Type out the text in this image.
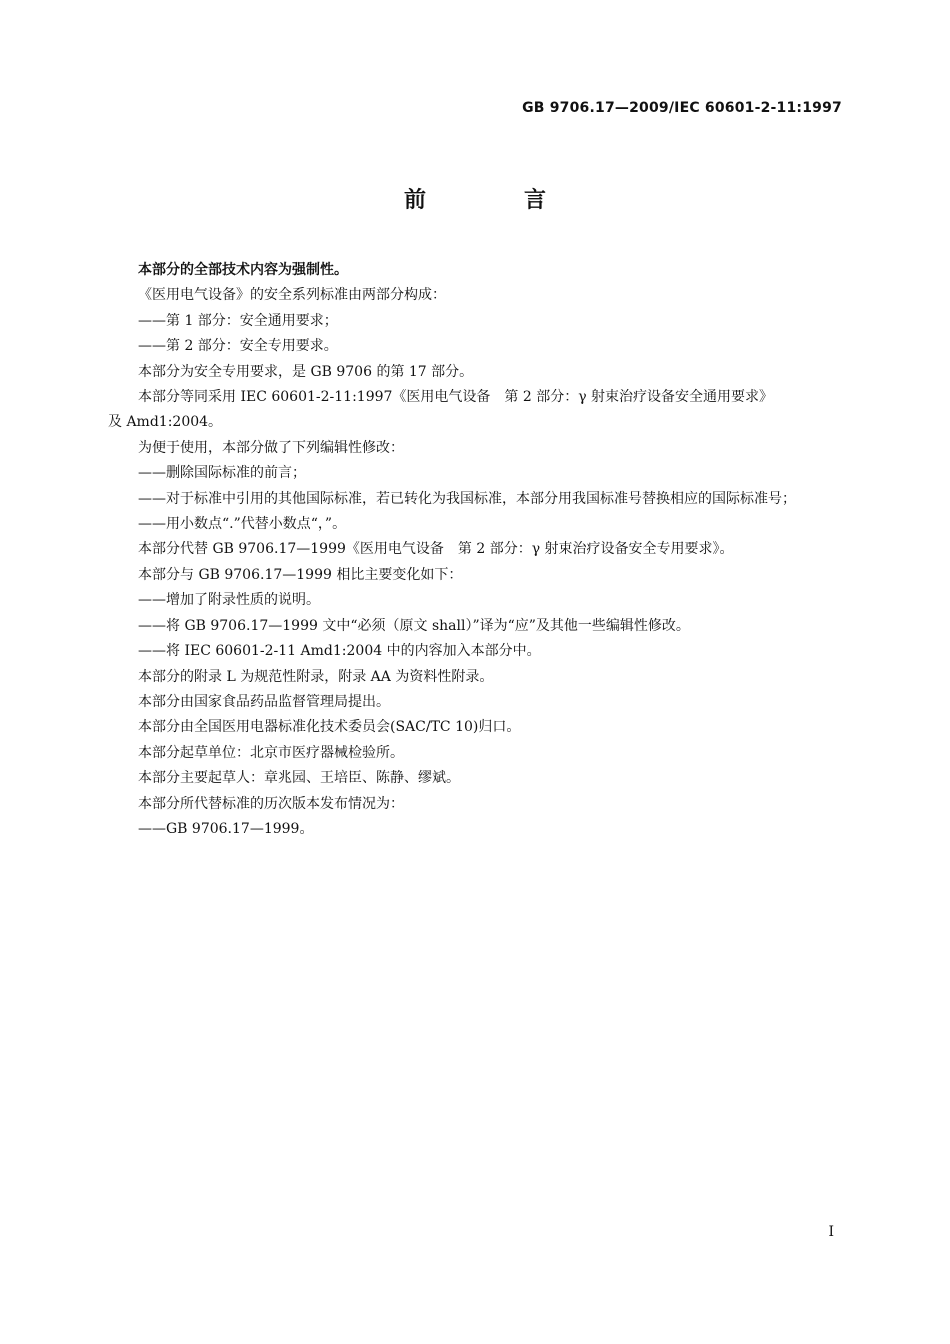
GB 9706.17—2009/IEC 60601-2-11:1997
前　言

本部分的全部技术内容为强制性。

《医用电气设备》的安全系列标准由两部分构成：

——第 1 部分：安全通用要求；

——第 2 部分：安全专用要求。

本部分为安全专用要求，是 GB 9706 的第 17 部分。

本部分等同采用 IEC 60601-2-11:1997《医用电气设备　第 2 部分：γ 射束治疗设备安全通用要求》

及 Amd1:2004。

为便于使用，本部分做了下列编辑性修改：

——删除国际标准的前言；

——对于标准中引用的其他国际标准，若已转化为我国标准，本部分用我国标准号替换相应的国际标准号；

——用小数点“.”代替小数点“，”。

本部分代替 GB 9706.17—1999《医用电气设备　第 2 部分：γ 射束治疗设备安全专用要求》。

本部分与 GB 9706.17—1999 相比主要变化如下：

——增加了附录性质的说明。

——将 GB 9706.17—1999 文中“必须（原文 shall）”译为“应”及其他一些编辑性修改。

——将 IEC 60601-2-11 Amd1:2004 中的内容加入本部分中。

本部分的附录 L 为规范性附录，附录 AA 为资料性附录。

本部分由国家食品药品监督管理局提出。

本部分由全国医用电器标准化技术委员会(SAC/TC 10)归口。

本部分起草单位：北京市医疗器械检验所。

本部分主要起草人：章兆园、王培臣、陈静、缪斌。

本部分所代替标准的历次版本发布情况为：

——GB 9706.17—1999。

I
